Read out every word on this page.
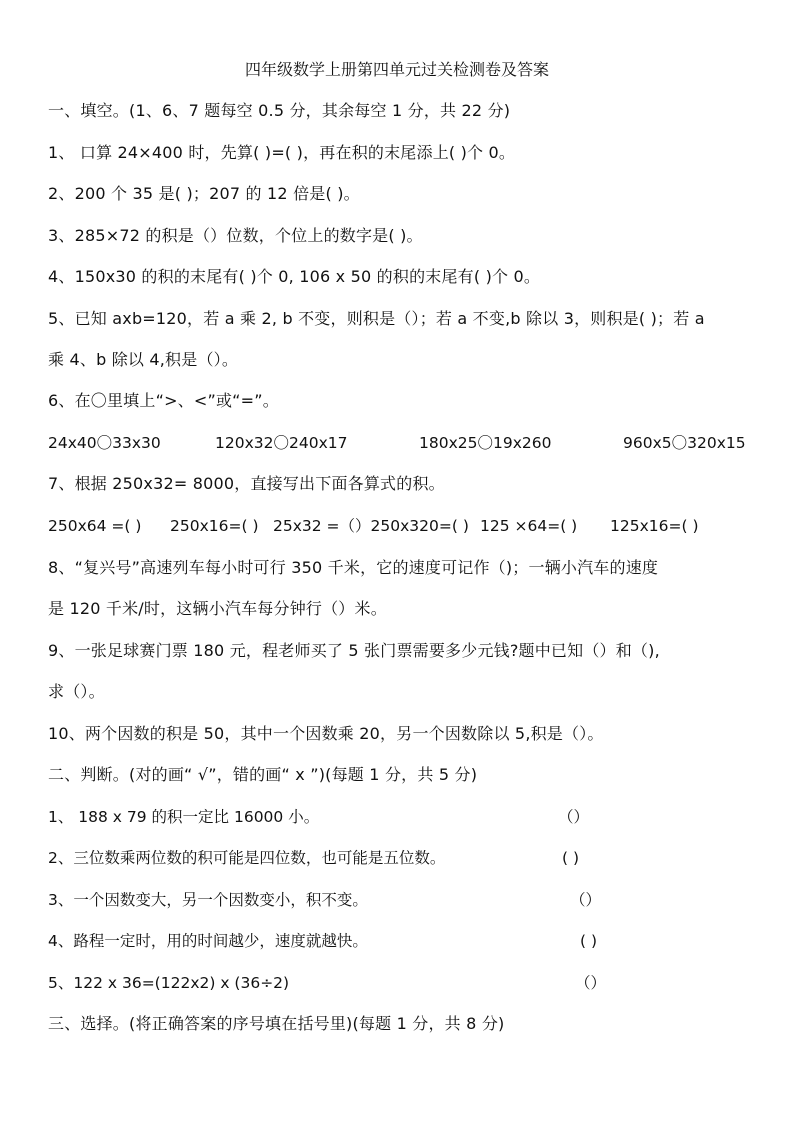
四年级数学上册第四单元过关检测卷及答案
一、填空。(1、6、7 题每空 0.5 分，其余每空 1 分，共 22 分)
1、 口算 24×400 时，先算( )=( )，再在积的末尾添上( )个 0。
2、200 个 35 是( )；207 的 12 倍是( )。
3、285×72 的积是（）位数，个位上的数字是( )。
4、150x30 的积的末尾有( )个 0, 106 x 50 的积的末尾有( )个 0。
5、已知 axb=120，若 a 乘 2, b 不变，则积是（）；若 a 不变,b 除以 3，则积是( )；若 a
乘 4、b 除以 4,积是（）。
6、在〇里填上“>、<”或“=”。
24x40〇33x30	120x32〇240x17	180x25〇19x260	960x5〇320x15
7、根据 250x32= 8000，直接写出下面各算式的积。
250x64 =( ) 250x16=( ) 25x32 =（）250x320=( ) 125 ×64=( ) 125x16=( )
8、“复兴号”高速列车每小时可行 350 千米，它的速度可记作（)；一辆小汽车的速度
是 120 千米/时，这辆小汽车每分钟行（）米。
9、一张足球赛门票 180 元，程老师买了 5 张门票需要多少元钱?题中已知（）和（),
求（）。
10、两个因数的积是 50，其中一个因数乘 20，另一个因数除以 5,积是（）。
二、判断。(对的画“ √”，错的画“ x ”)(每题 1 分，共 5 分)
1、 188 x 79 的积一定比 16000 小。	（）
2、三位数乘两位数的积可能是四位数，也可能是五位数。	( )
3、一个因数变大，另一个因数变小，积不变。	（）
4、路程一定时，用的时间越少，速度就越快。	( )
5、122 x 36=(122x2) x (36÷2)	（）
三、选择。(将正确答案的序号填在括号里)(每题 1 分，共 8 分)
